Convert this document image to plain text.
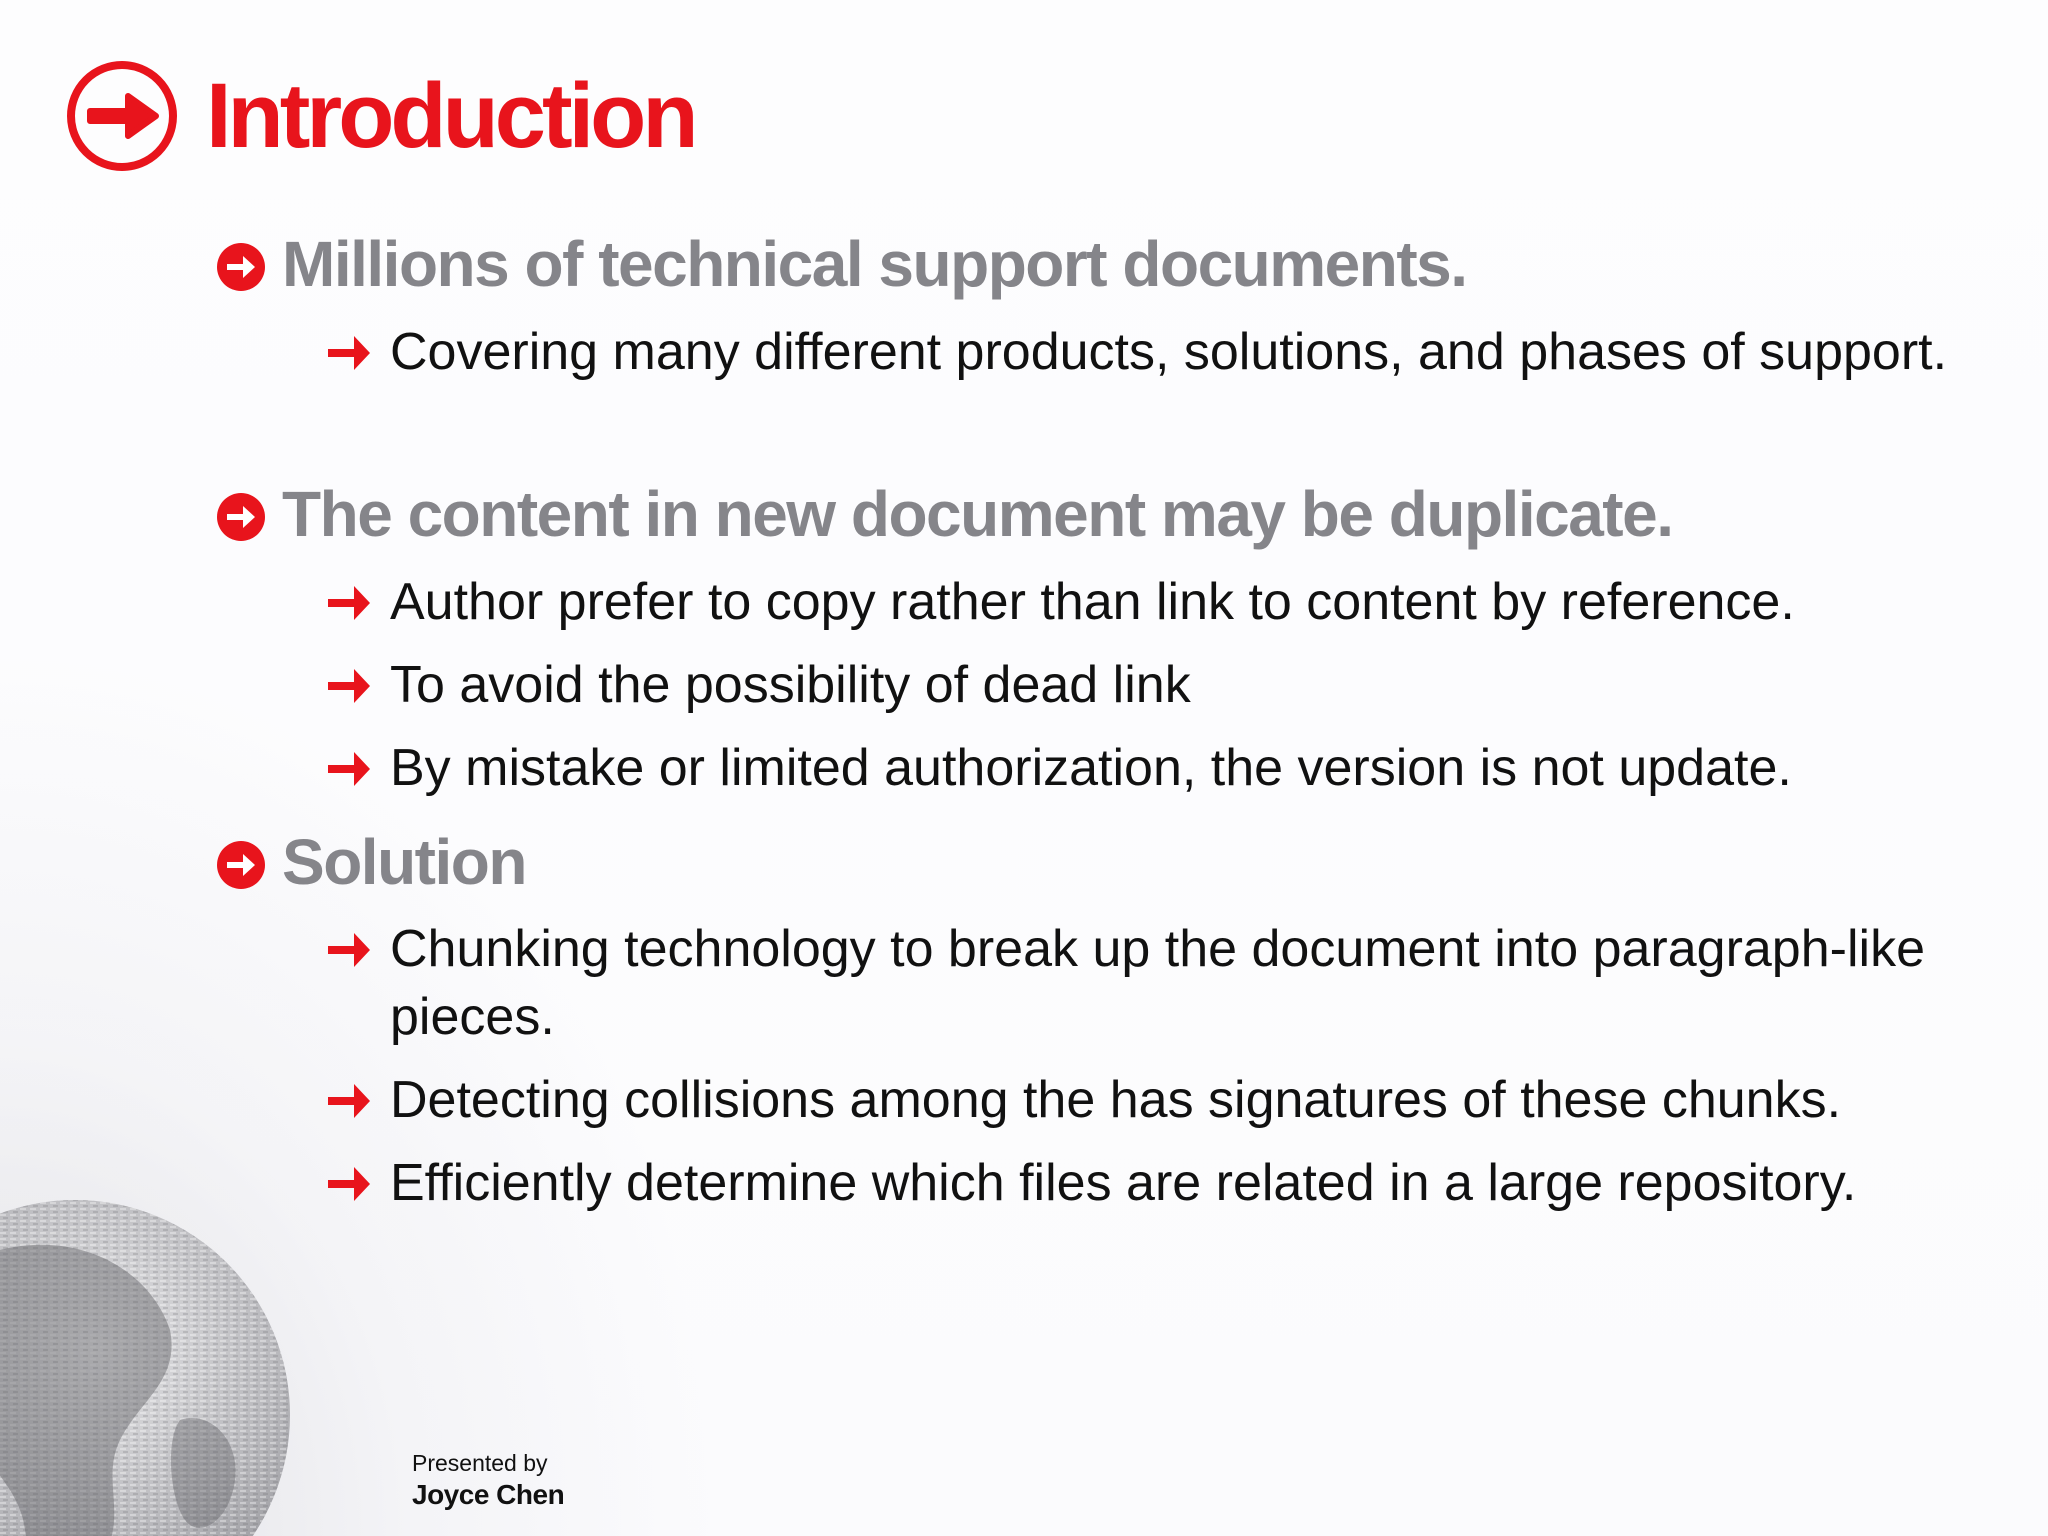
Introduction
Millions of technical support documents.
Covering many different products, solutions, and phases of support.
The content in new document may be duplicate.
Author prefer to copy rather than link to content by reference.
To avoid the possibility of dead link
By mistake or limited authorization, the version is not update.
Solution
Chunking technology to break up the document into paragraph-like pieces.
Detecting collisions among the has signatures of these chunks.
Efficiently determine which files are related in a large repository.
Presented by
Joyce Chen
